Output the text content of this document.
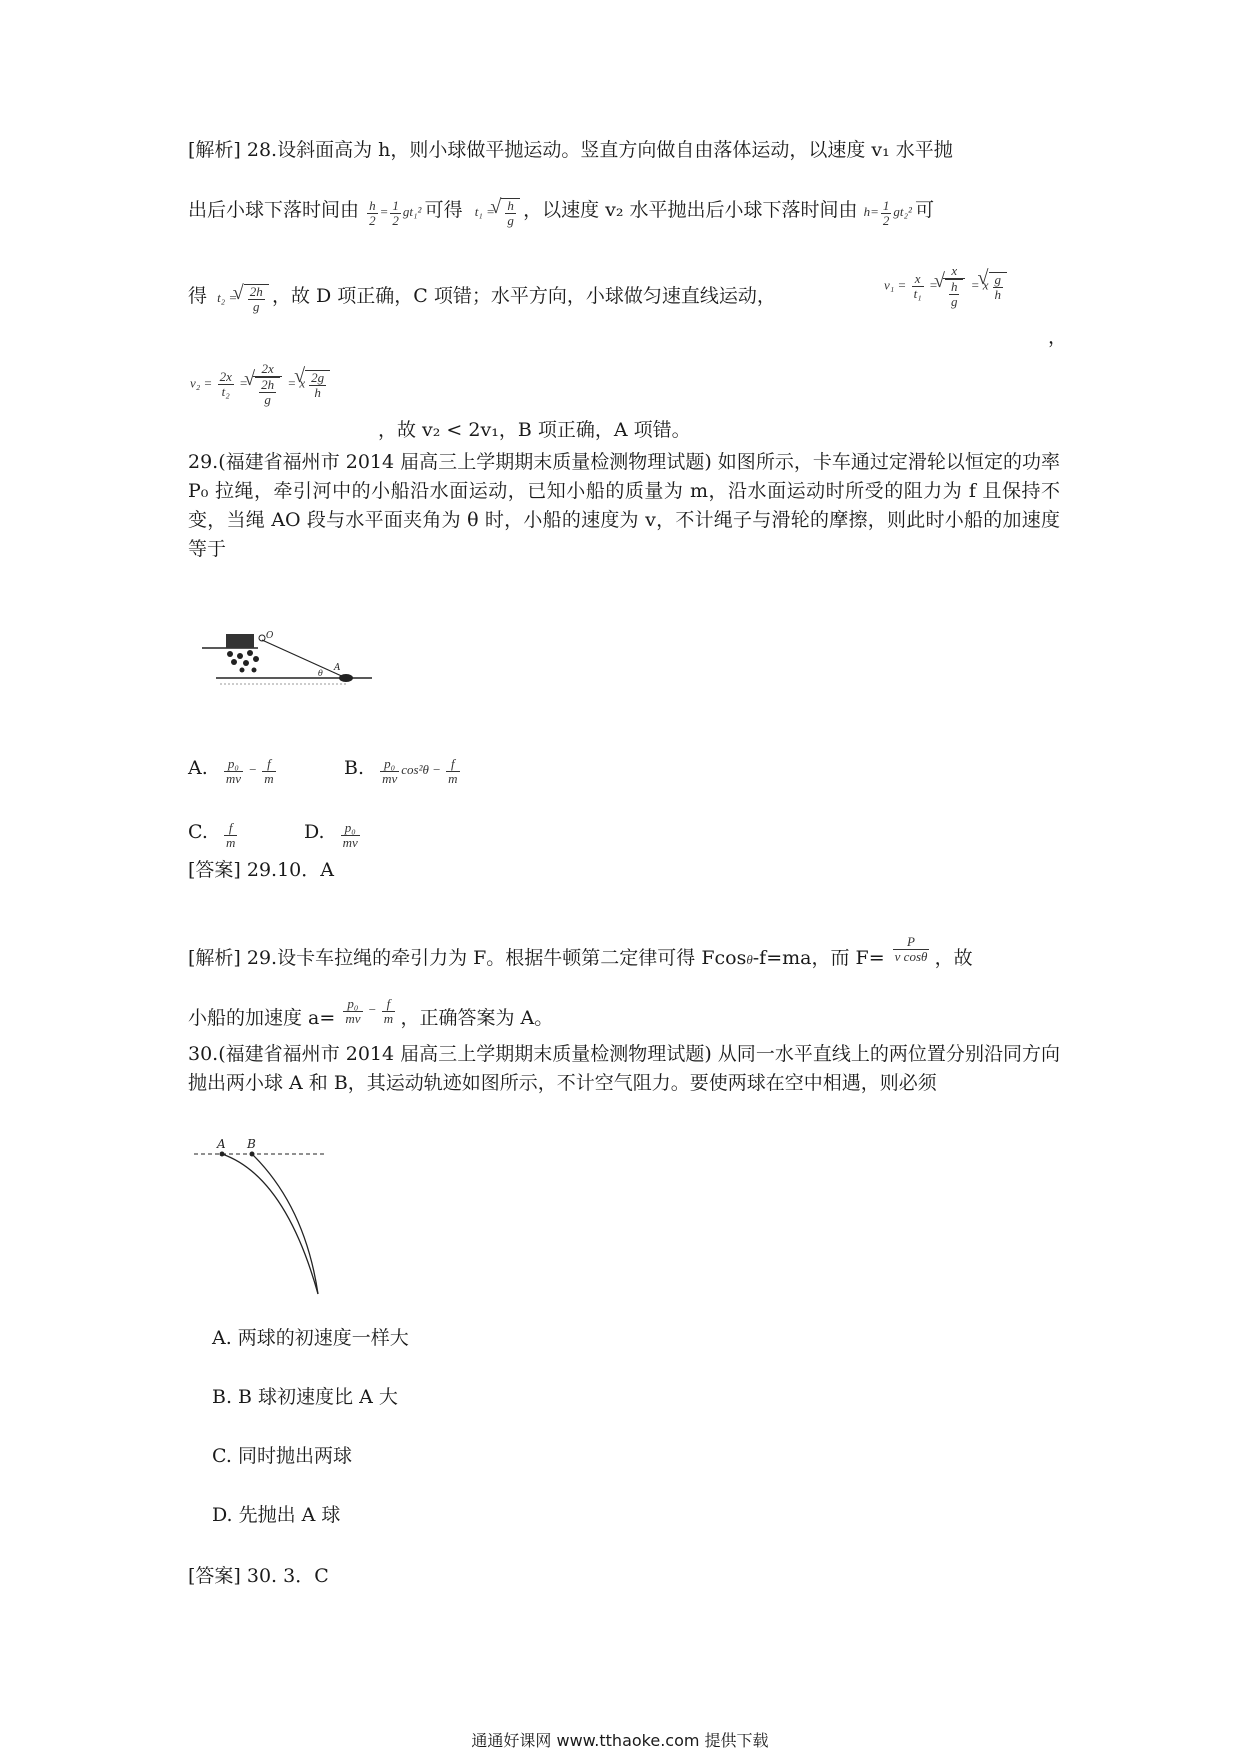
[解析] 28.设斜面高为 h，则小球做平抛运动。竖直方向做自由落体运动，以速度 v₁ 水平抛
出后小球下落时间由 $\frac{h}{2} = \frac{1}{2} gt_1^2$ 可得 t₁ = √ $\frac{h}{g}$ ，以速度 v₂ 水平抛出后小球下落时间由 $h= \frac{1}{2} gt_2^2$ 可
得 t₂ = √ $\frac{2h}{g}$ ，故 D 项正确，C 项错；水平方向，小球做匀速直线运动，
$v_1 = \frac{x}{\text{t₁}} = x$
√ $\frac{h}{g} = x$ √ $\frac{g}{h}$
，
$v_2 = \frac{2x}{\text{t₂}} = 2x$
√ $\frac{2h}{g} = x$ √ $\frac{2g}{h}$
，故 v₂ < 2v₁，B 项正确，A 项错。
29.(福建省福州市 2014 届高三上学期期末质量检测物理试题) 如图所示，卡车通过定滑轮以恒定的功率 P₀ 拉绳，牵引河中的小船沿水面运动，已知小船的质量为 m，沿水面运动时所受的阻力为 f 且保持不变，当绳 AO 段与水平面夹角为 θ 时，小船的速度为 v，不计绳子与滑轮的摩擦，则此时小船的加速度等于
O
A
θ
A. $\frac{\text{p₀}}{mv} - \frac{f}{m}$	B. $\frac{\text{p₀}}{mv} \cos^2\theta - \frac{f}{m}$
C. $\frac{f}{m}$	D. $\frac{\text{p₀}}{mv}$
[答案] 29.10．A
[解析] 29.设卡车拉绳的牵引力为 F。根据牛顿第二定律可得 Fcosθ-f=ma，而 F= $^{\frac{P}{\text{v cosθ}}}$ ，故
小船的加速度 a= $^{\frac{\text{p₀}}{mv} - \frac{f}{m}}$ ，正确答案为 A。
30.(福建省福州市 2014 届高三上学期期末质量检测物理试题) 从同一水平直线上的两位置分别沿同方向抛出两小球 A 和 B，其运动轨迹如图所示，不计空气阻力。要使两球在空中相遇，则必须
A B
A. 两球的初速度一样大
B. B 球初速度比 A 大
C. 同时抛出两球
D. 先抛出 A 球
[答案] 30. 3．C
通通好课网 www.tthaoke.com 提供下载
